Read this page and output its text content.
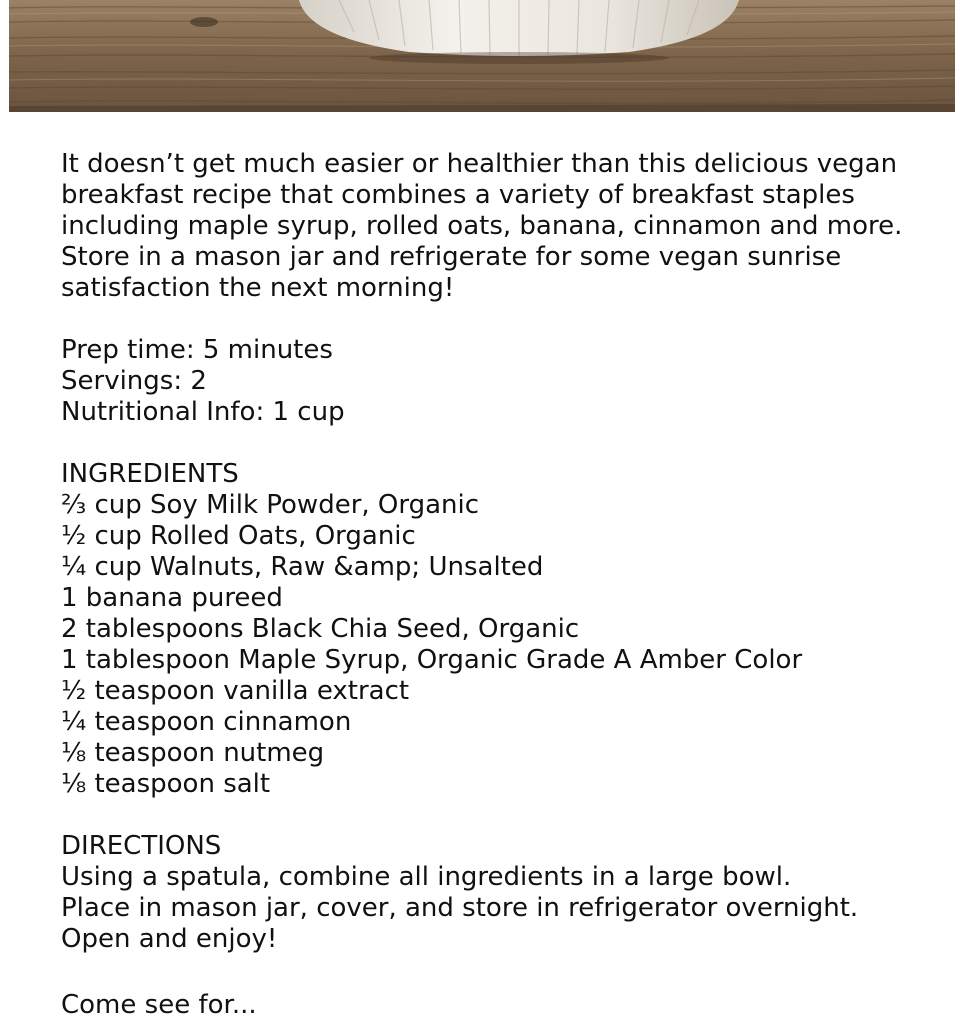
It doesn’t get much easier or healthier than this delicious vegan breakfast recipe that combines a variety of breakfast staples including maple syrup, rolled oats, banana, cinnamon and more. Store in a mason jar and refrigerate for some vegan sunrise satisfaction the next morning!

Prep time: 5 minutes
Servings: 2
Nutritional Info: 1 cup
INGREDIENTS
⅔ cup Soy Milk Powder, Organic
½ cup Rolled Oats, Organic
¼ cup Walnuts, Raw &amp; Unsalted
1 banana pureed
2 tablespoons Black Chia Seed, Organic
1 tablespoon Maple Syrup, Organic Grade A Amber Color
½ teaspoon vanilla extract
¼ teaspoon cinnamon
⅛ teaspoon nutmeg
⅛ teaspoon salt
DIRECTIONS
Using a spatula, combine all ingredients in a large bowl.
Place in mason jar, cover, and store in refrigerator overnight.
Open and enjoy!
Come see for...
